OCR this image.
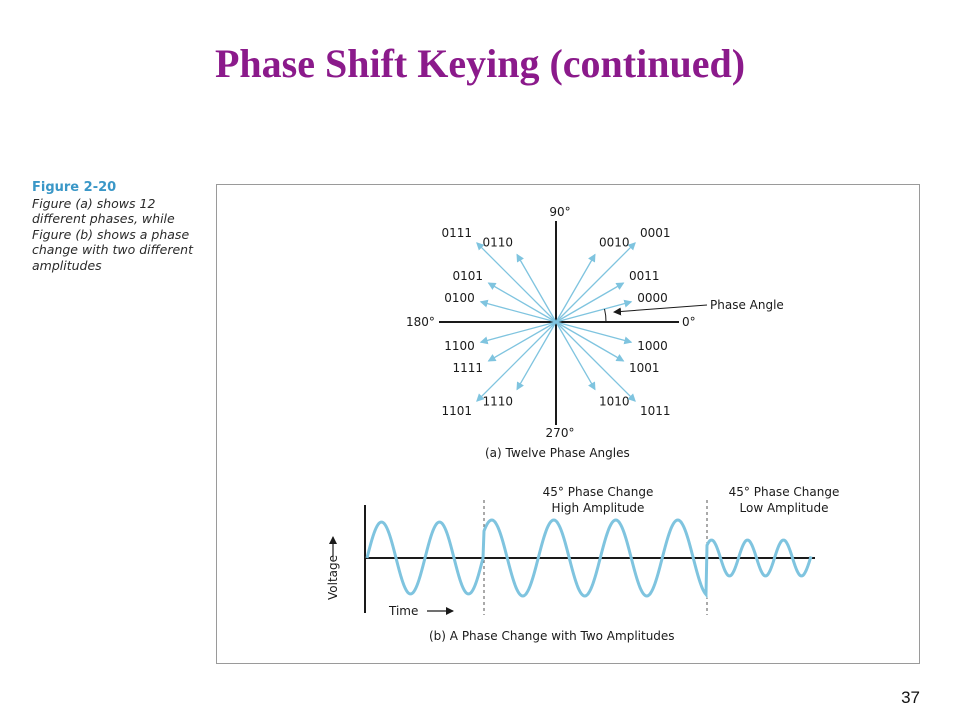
Phase Shift Keying (continued)
Figure 2-20
Figure (a) shows 12 different phases, while Figure (b) shows a phase change with two different amplitudes
90°
180°
270°
0°
0000
0001
0010
0011
0110
0111
0101
0100
1100
1111
1101
1110	1010
1011
1001
1000
Phase Angle
(a) Twelve Phase Angles
45° Phase Change
High Amplitude
45° Phase Change
Low Amplitude
Voltage
Time
(b) A Phase Change with Two Amplitudes
37
